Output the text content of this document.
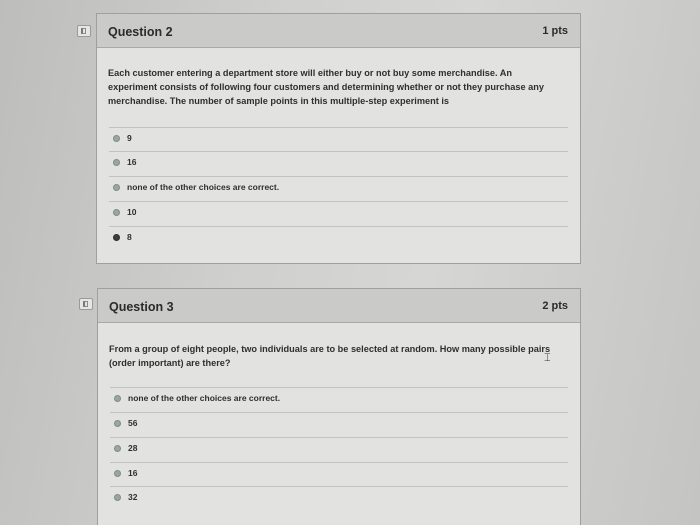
Question 2	1 pts
Each customer entering a department store will either buy or not buy some merchandise. An
experiment consists of following four customers and determining whether or not they purchase any
merchandise. The number of sample points in this multiple-step experiment is
9
16
none of the other choices are correct.
10
8
Question 3	2 pts
From a group of eight people, two individuals are to be selected at random. How many possible pairs
(order important) are there?
none of the other choices are correct.
56
28
16
32
⌶
